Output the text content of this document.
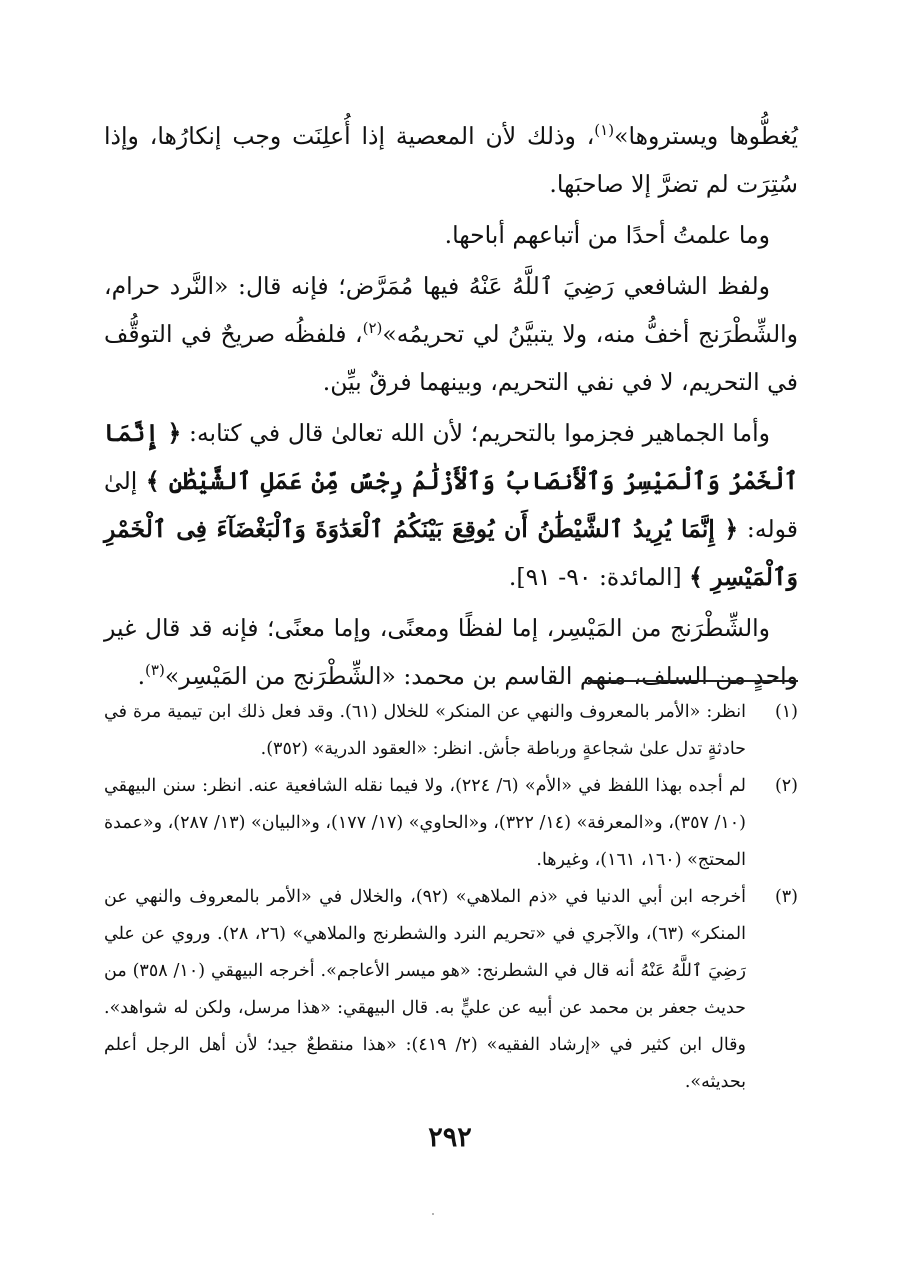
يُغطُّوها ويستروها»$^{(١)}$، وذلك لأن المعصية إذا أُعلِنَت وجب إنكارُها، وإذا سُتِرَت لم تضرَّ إلا صاحبَها.

وما علمتُ أحدًا من أتباعهم أباحها.

ولفظ الشافعي رَضِيَ ٱللَّهُ عَنْهُ فيها مُمَرَّض؛ فإنه قال: «النَّرد حرام، والشِّطْرَنج أخفُّ منه، ولا يتبيَّنُ لي تحريمُه»$^{(٢)}$، فلفظُه صريحٌ في التوقُّف في التحريم، لا في نفي التحريم، وبينهما فرقٌ بيِّن.

وأما الجماهير فجزموا بالتحريم؛ لأن الله تعالىٰ قال في كتابه: ﴿ إِنَّمَا ٱلْخَمْرُ وَٱلْمَيْسِرُ وَٱلْأَنصَابُ وَٱلْأَزْلَٰمُ رِجْسٌ مِّنْ عَمَلِ ٱلشَّيْطَٰنِ ﴾ إلىٰ قوله: ﴿ إِنَّمَا يُرِيدُ ٱلشَّيْطَٰنُ أَن يُوقِعَ بَيْنَكُمُ ٱلْعَدَٰوَةَ وَٱلْبَغْضَآءَ فِى ٱلْخَمْرِ وَٱلْمَيْسِرِ ﴾ [المائدة: ٩٠- ٩١].

والشِّطْرَنج من المَيْسِر، إما لفظًا ومعنًى، وإما معنًى؛ فإنه قد قال غير واحدٍ من السلف، منهم القاسم بن محمد: «الشِّطْرَنج من المَيْسِر»$^{(٣)}$.

(١)
انظر: «الأمر بالمعروف والنهي عن المنكر» للخلال (٦١). وقد فعل ذلك ابن تيمية مرة في حادثةٍ تدل علىٰ شجاعةٍ ورباطة جأش. انظر: «العقود الدرية» (٣٥٢).
(٢)
لم أجده بهذا اللفظ في «الأم» (٦/ ٢٢٤)، ولا فيما نقله الشافعية عنه. انظر: سنن البيهقي (١٠/ ٣٥٧)، و«المعرفة» (١٤/ ٣٢٢)، و«الحاوي» (١٧/ ١٧٧)، و«البيان» (١٣/ ٢٨٧)، و«عمدة المحتج» (١٦٠، ١٦١)، وغيرها.
(٣)
أخرجه ابن أبي الدنيا في «ذم الملاهي» (٩٢)، والخلال في «الأمر بالمعروف والنهي عن المنكر» (٦٣)، والآجري في «تحريم النرد والشطرنج والملاهي» (٢٦، ٢٨). وروي عن علي رَضِيَ ٱللَّهُ عَنْهُ أنه قال في الشطرنج: «هو ميسر الأعاجم». أخرجه البيهقي (١٠/ ٣٥٨) من حديث جعفر بن محمد عن أبيه عن عليٍّ به. قال البيهقي: «هذا مرسل، ولكن له شواهد». وقال ابن كثير في «إرشاد الفقيه» (٢/ ٤١٩): «هذا منقطعٌ جيد؛ لأن أهل الرجل أعلم بحديثه».
٢٩٢
